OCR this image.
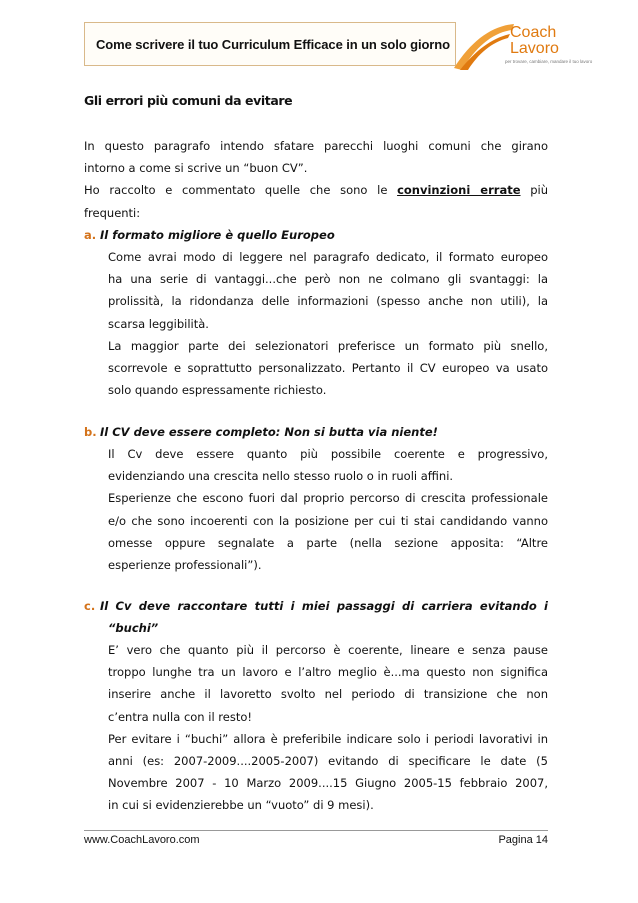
Come scrivere il tuo Curriculum Efficace in un solo giorno
Coach
Lavoro
per trovare, cambiare, mandare il tuo lavoro
Gli errori più comuni da evitare
In questo paragrafo intendo sfatare parecchi luoghi comuni che girano
intorno a come si scrive un “buon CV”.
Ho raccolto e commentato quelle che sono le convinzioni errate più
frequenti:
a. Il formato migliore è quello Europeo
Come avrai modo di leggere nel paragrafo dedicato, il formato europeo
ha una serie di vantaggi...che però non ne colmano gli svantaggi: la
prolissità, la ridondanza delle informazioni (spesso anche non utili), la
scarsa leggibilità.
La maggior parte dei selezionatori preferisce un formato più snello,
scorrevole e soprattutto personalizzato. Pertanto il CV europeo va usato
solo quando espressamente richiesto.
b. Il CV deve essere completo: Non si butta via niente!
Il Cv deve essere quanto più possibile coerente e progressivo,
evidenziando una crescita nello stesso ruolo o in ruoli affini.
Esperienze che escono fuori dal proprio percorso di crescita professionale
e/o che sono incoerenti con la posizione per cui ti stai candidando vanno
omesse oppure segnalate a parte (nella sezione apposita: “Altre
esperienze professionali”).
c. Il Cv deve raccontare tutti i miei passaggi di carriera evitando i
“buchi”
E’ vero che quanto più il percorso è coerente, lineare e senza pause
troppo lunghe tra un lavoro e l’altro meglio è...ma questo non significa
inserire anche il lavoretto svolto nel periodo di transizione che non
c’entra nulla con il resto!
Per evitare i “buchi” allora è preferibile indicare solo i periodi lavorativi in
anni (es: 2007-2009....2005-2007) evitando di specificare le date (5
Novembre 2007 - 10 Marzo 2009....15 Giugno 2005-15 febbraio 2007,
in cui si evidenzierebbe un “vuoto” di 9 mesi).
www.CoachLavoro.com	Pagina 14
